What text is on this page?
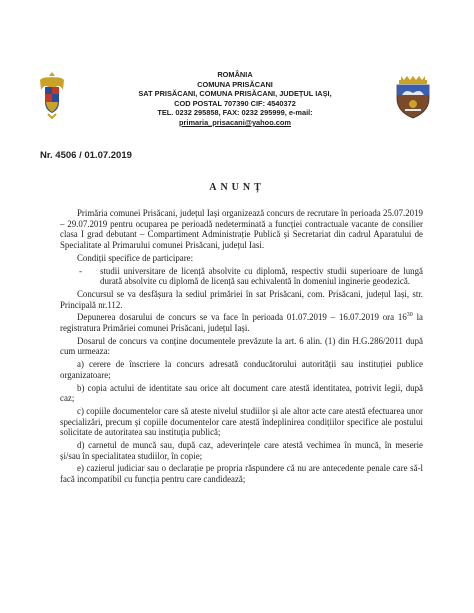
ROMÂNIA
COMUNA PRISĂCANI
SAT PRISĂCANI, COMUNA PRISĂCANI, JUDEȚUL IAȘI,
COD POSTAL 707390 CIF: 4540372
TEL. 0232 295858, FAX: 0232 295999, e-mail:
primaria_prisacani@yahoo.com
Nr. 4506 / 01.07.2019
ANUNȚ

Primăria comunei Prisăcani, județul Iași organizează concurs de recrutare în perioada 25.07.2019 – 29.07.2019 pentru ocuparea pe perioadă nedeterminată a funcției contractuale vacante de consilier clasa I grad debutant – Compartiment Administrație Publică și Secretariat din cadrul Aparatului de Specialitate al Primarului comunei Prisăcani, județul Iasi.

Condiții specifice de participare:

-	studii universitare de licență absolvite cu diplomă, respectiv studii superioare de lungă durată absolvite cu diplomă de licență sau echivalentă în domeniul inginerie geodezică.

Concursul se va desfășura la sediul primăriei în sat Prisăcani, com. Prisăcani, județul Iași, str. Principală nr.112.

Depunerea dosarului de concurs se va face în perioada 01.07.2019 – 16.07.2019 ora $16^{30}$ la registratura Primăriei comunei Prisăcani, județul Iași.

Dosarul de concurs va conține documentele prevăzute la art. 6 alin. (1) din H.G.286/2011 după cum urmeaza:

a) cerere de înscriere la concurs adresată conducătorului autorității sau instituției publice organizatoare;

b) copia actului de identitate sau orice alt document care atestă identitatea, potrivit legii, după caz;

c) copiile documentelor care să ateste nivelul studiilor și ale altor acte care atestă efectuarea unor specializări, precum și copiile documentelor care atestă îndeplinirea condițiilor specifice ale postului solicitate de autoritatea sau instituția publică;

d) carnetul de muncă sau, după caz, adeverințele care atestă vechimea în muncă, în meserie și/sau în specialitatea studiilor, în copie;

e) cazierul judiciar sau o declarație pe propria răspundere că nu are antecedente penale care să-l facă incompatibil cu funcția pentru care candidează;
